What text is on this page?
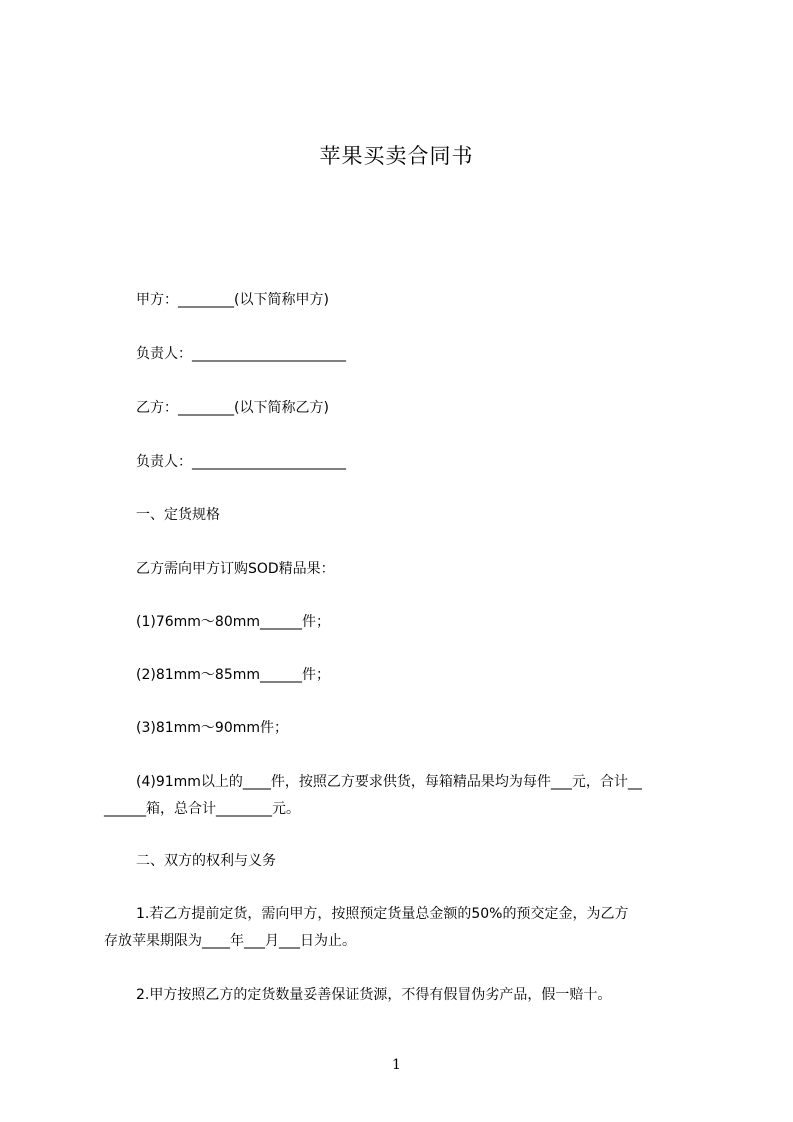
苹果买卖合同书
甲方：________(以下简称甲方)
负责人：______________________
乙方：________(以下简称乙方)
负责人：______________________
一、定货规格
乙方需向甲方订购SOD精品果：
(1)76mm～80mm______件；
(2)81mm～85mm______件；
(3)81mm～90mm件；
(4)91mm以上的____件，按照乙方要求供货，每箱精品果均为每件___元，合计__
______箱，总合计________元。
二、双方的权利与义务
1.若乙方提前定货，需向甲方，按照预定货量总金额的50%的预交定金，为乙方
存放苹果期限为____年___月___日为止。
2.甲方按照乙方的定货数量妥善保证货源，不得有假冒伪劣产品，假一赔十。
1
